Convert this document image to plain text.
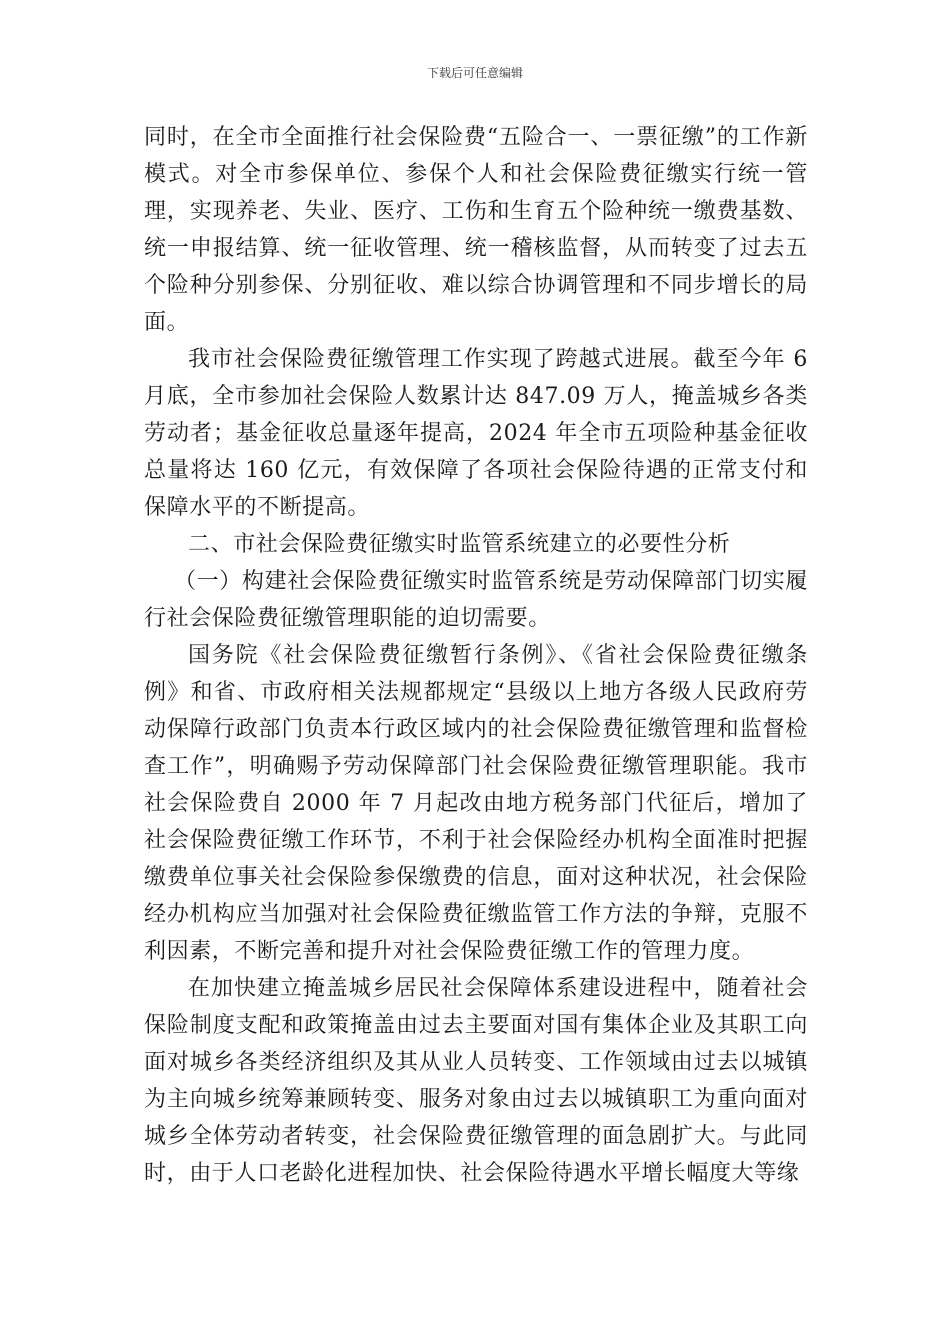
下载后可任意编辑

同时，在全市全面推行社会保险费“五险合一、一票征缴”的工作新模式。对全市参保单位、参保个人和社会保险费征缴实行统一管理，实现养老、失业、医疗、工伤和生育五个险种统一缴费基数、统一申报结算、统一征收管理、统一稽核监督，从而转变了过去五个险种分别参保、分别征收、难以综合协调管理和不同步增长的局面。

我市社会保险费征缴管理工作实现了跨越式进展。截至今年 6 月底，全市参加社会保险人数累计达 847.09 万人，掩盖城乡各类劳动者；基金征收总量逐年提高，2024 年全市五项险种基金征收总量将达 160 亿元，有效保障了各项社会保险待遇的正常支付和保障水平的不断提高。

二、市社会保险费征缴实时监管系统建立的必要性分析

（一）构建社会保险费征缴实时监管系统是劳动保障部门切实履行社会保险费征缴管理职能的迫切需要。

国务院《社会保险费征缴暂行条例》、《省社会保险费征缴条例》和省、市政府相关法规都规定“县级以上地方各级人民政府劳动保障行政部门负责本行政区域内的社会保险费征缴管理和监督检查工作”，明确赐予劳动保障部门社会保险费征缴管理职能。我市社会保险费自 2000 年 7 月起改由地方税务部门代征后，增加了社会保险费征缴工作环节，不利于社会保险经办机构全面准时把握缴费单位事关社会保险参保缴费的信息，面对这种状况，社会保险经办机构应当加强对社会保险费征缴监管工作方法的争辩，克服不利因素，不断完善和提升对社会保险费征缴工作的管理力度。

在加快建立掩盖城乡居民社会保障体系建设进程中，随着社会保险制度支配和政策掩盖由过去主要面对国有集体企业及其职工向面对城乡各类经济组织及其从业人员转变、工作领域由过去以城镇为主向城乡统筹兼顾转变、服务对象由过去以城镇职工为重向面对城乡全体劳动者转变，社会保险费征缴管理的面急剧扩大。与此同时，由于人口老龄化进程加快、社会保险待遇水平增长幅度大等缘
